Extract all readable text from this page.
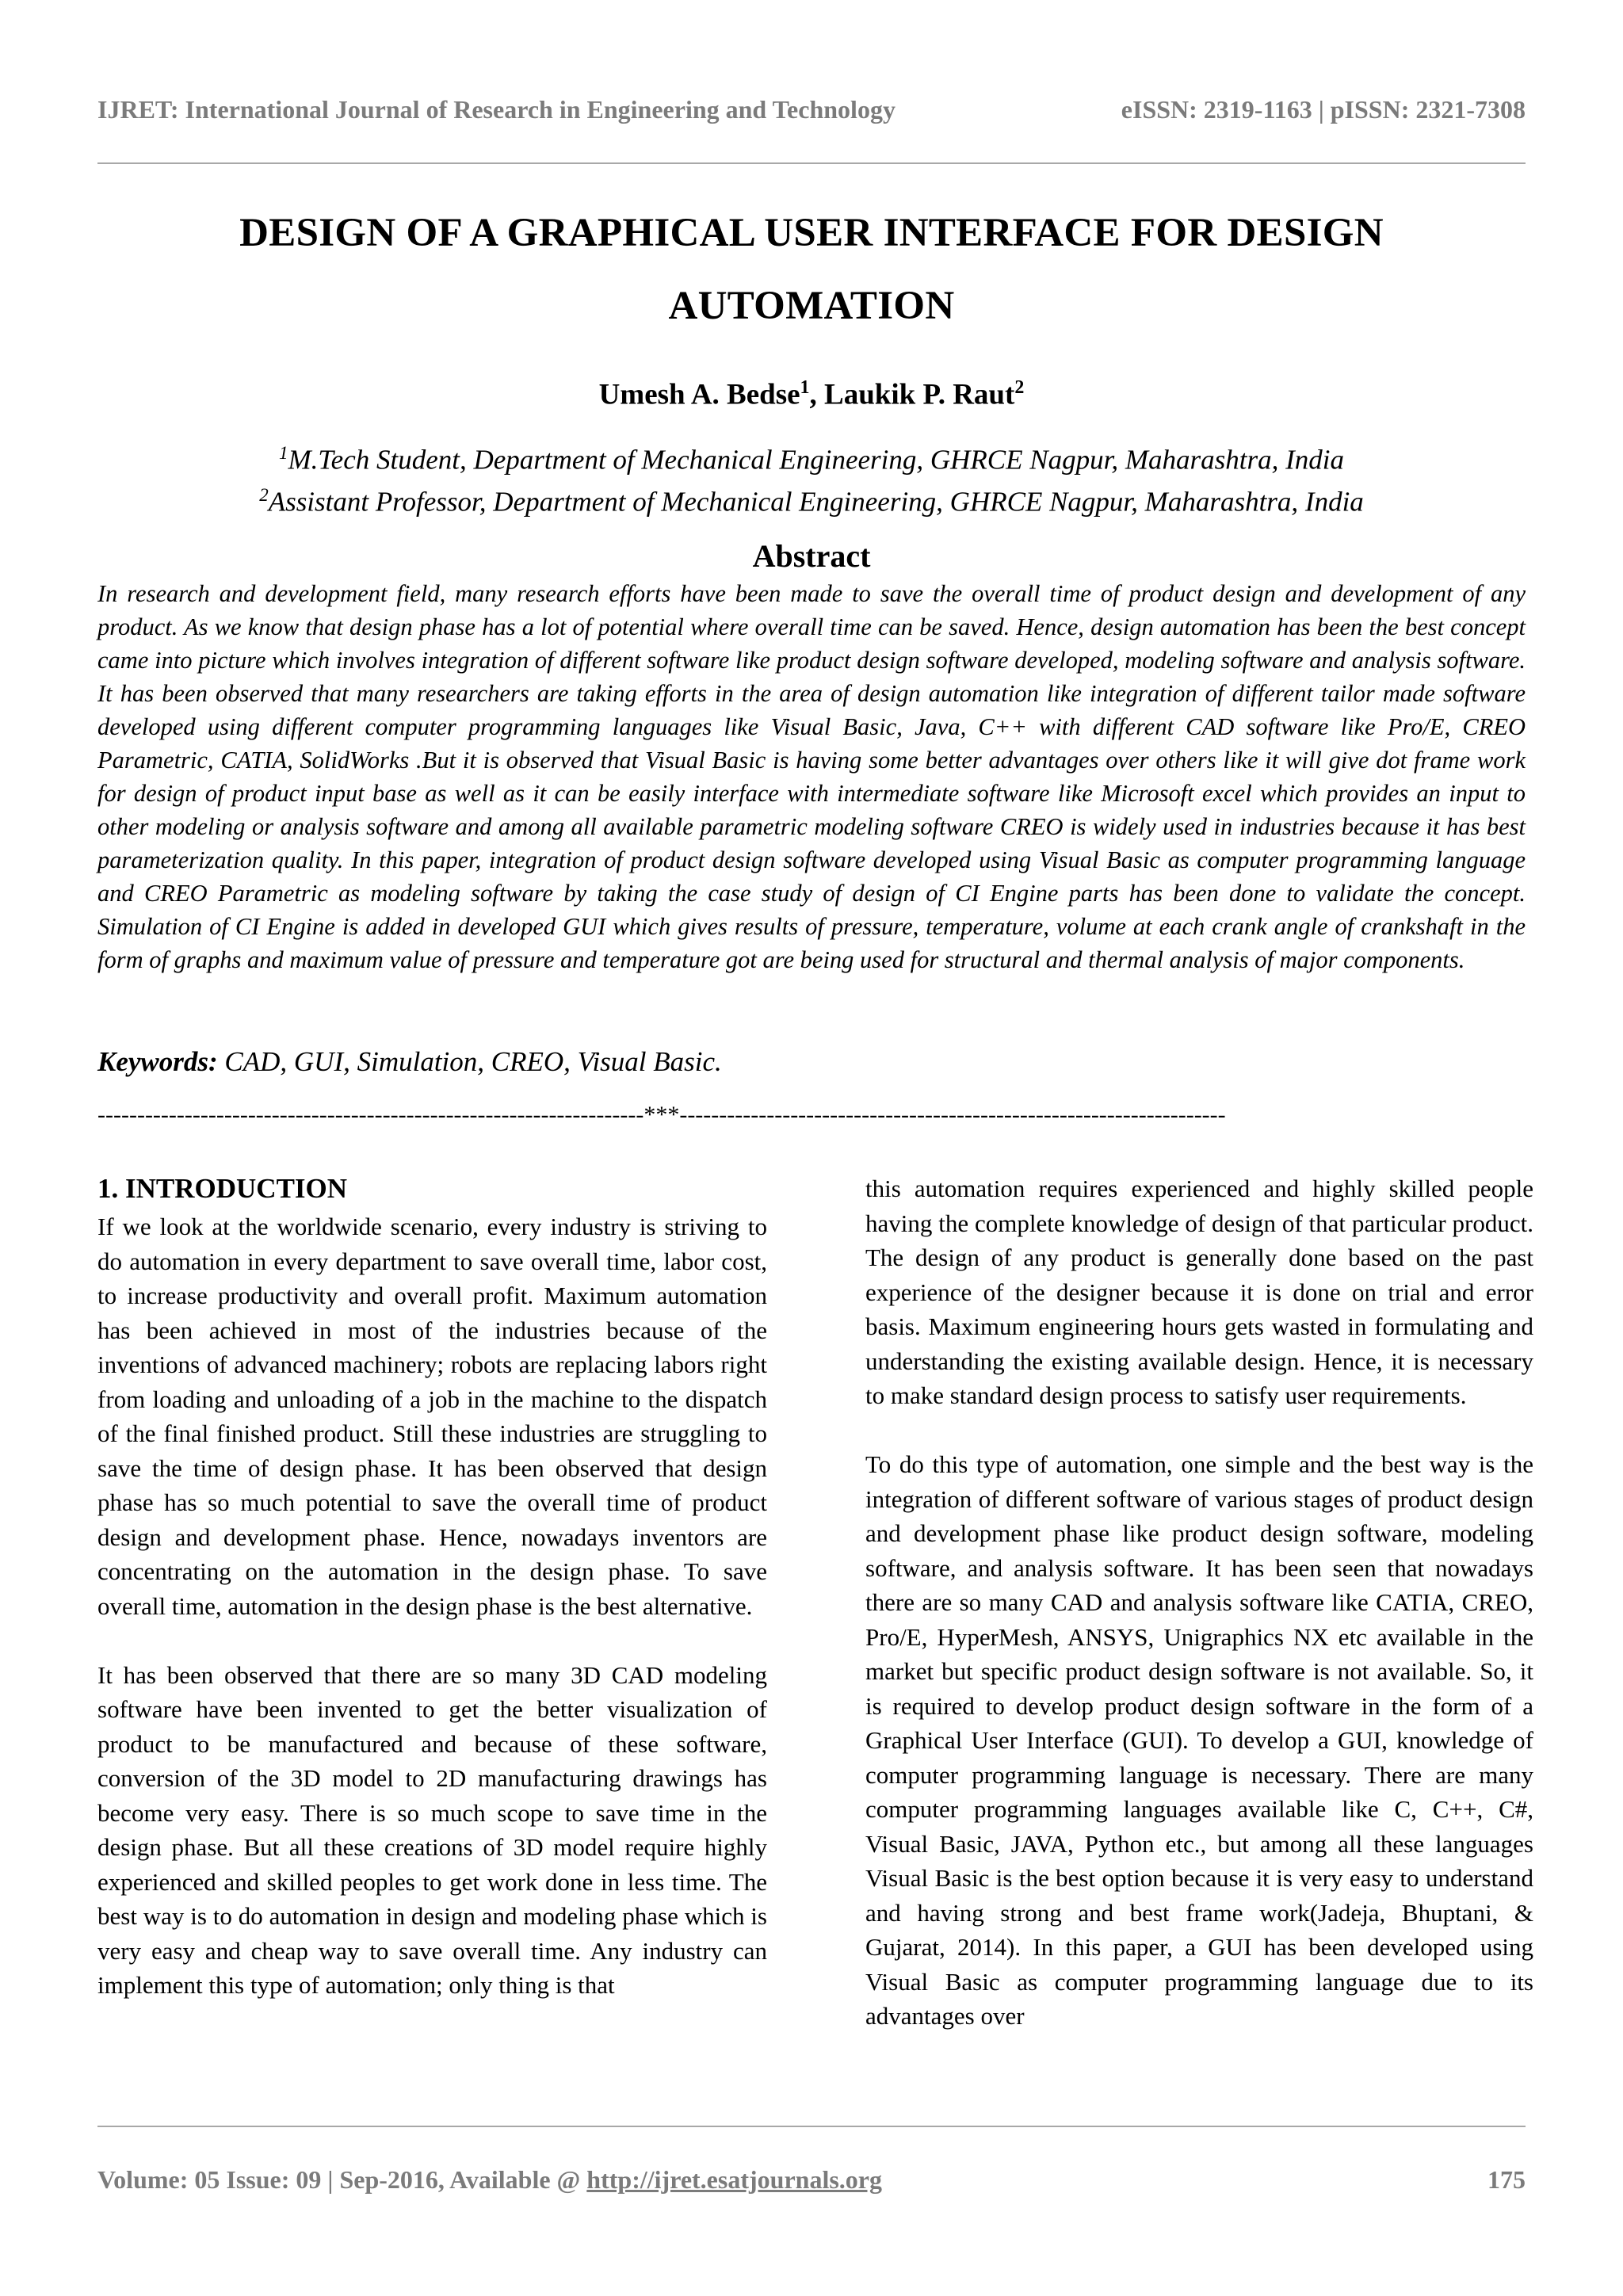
IJRET: International Journal of Research in Engineering and Technology	eISSN: 2319-1163 | pISSN: 2321-7308
DESIGN OF A GRAPHICAL USER INTERFACE FOR DESIGN
AUTOMATION
Umesh A. Bedse$^1$, Laukik P. Raut$^2$
$^1$M.Tech Student, Department of Mechanical Engineering, GHRCE Nagpur, Maharashtra, India
$^2$Assistant Professor, Department of Mechanical Engineering, GHRCE Nagpur, Maharashtra, India
Abstract
In research and development field, many research efforts have been made to save the overall time of product design and development of any product. As we know that design phase has a lot of potential where overall time can be saved. Hence, design automation has been the best concept came into picture which involves integration of different software like product design software developed, modeling software and analysis software. It has been observed that many researchers are taking efforts in the area of design automation like integration of different tailor made software developed using different computer programming languages like Visual Basic, Java, C++ with different CAD software like Pro/E, CREO Parametric, CATIA, SolidWorks .But it is observed that Visual Basic is having some better advantages over others like it will give dot frame work for design of product input base as well as it can be easily interface with intermediate software like Microsoft excel which provides an input to other modeling or analysis software and among all available parametric modeling software CREO is widely used in industries because it has best parameterization quality. In this paper, integration of product design software developed using Visual Basic as computer programming language and CREO Parametric as modeling software by taking the case study of design of CI Engine parts has been done to validate the concept. Simulation of CI Engine is added in developed GUI which gives results of pressure, temperature, volume at each crank angle of crankshaft in the form of graphs and maximum value of pressure and temperature got are being used for structural and thermal analysis of major components.
Keywords: CAD, GUI, Simulation, CREO, Visual Basic.
---------------------------------------------------------------------***---------------------------------------------------------------------
1. INTRODUCTION

If we look at the worldwide scenario, every industry is striving to do automation in every department to save overall time, labor cost, to increase productivity and overall profit. Maximum automation has been achieved in most of the industries because of the inventions of advanced machinery; robots are replacing labors right from loading and unloading of a job in the machine to the dispatch of the final finished product. Still these industries are struggling to save the time of design phase. It has been observed that design phase has so much potential to save the overall time of product design and development phase. Hence, nowadays inventors are concentrating on the automation in the design phase. To save overall time, automation in the design phase is the best alternative.

It has been observed that there are so many 3D CAD modeling software have been invented to get the better visualization of product to be manufactured and because of these software, conversion of the 3D model to 2D manufacturing drawings has become very easy. There is so much scope to save time in the design phase. But all these creations of 3D model require highly experienced and skilled peoples to get work done in less time. The best way is to do automation in design and modeling phase which is very easy and cheap way to save overall time. Any industry can implement this type of automation; only thing is that

this automation requires experienced and highly skilled people having the complete knowledge of design of that particular product. The design of any product is generally done based on the past experience of the designer because it is done on trial and error basis. Maximum engineering hours gets wasted in formulating and understanding the existing available design. Hence, it is necessary to make standard design process to satisfy user requirements.

To do this type of automation, one simple and the best way is the integration of different software of various stages of product design and development phase like product design software, modeling software, and analysis software. It has been seen that nowadays there are so many CAD and analysis software like CATIA, CREO, Pro/E, HyperMesh, ANSYS, Unigraphics NX etc available in the market but specific product design software is not available. So, it is required to develop product design software in the form of a Graphical User Interface (GUI). To develop a GUI, knowledge of computer programming language is necessary. There are many computer programming languages available like C, C++, C#, Visual Basic, JAVA, Python etc., but among all these languages Visual Basic is the best option because it is very easy to understand and having strong and best frame work(Jadeja, Bhuptani, & Gujarat, 2014). In this paper, a GUI has been developed using Visual Basic as computer programming language due to its advantages over

Volume: 05 Issue: 09 | Sep-2016, Available @ http://ijret.esatjournals.org	175
